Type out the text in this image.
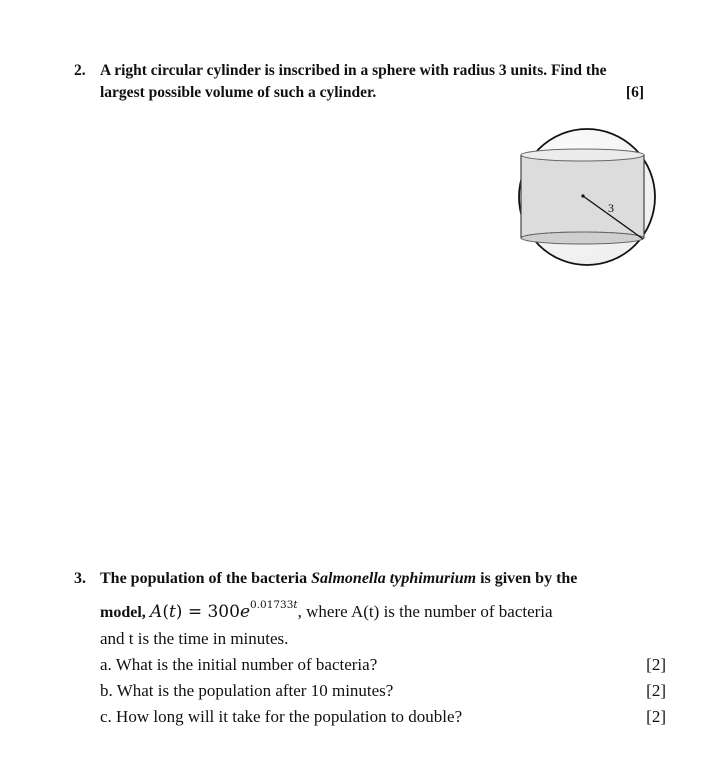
2. A right circular cylinder is inscribed in a sphere with radius 3 units. Find the
largest possible volume of such a cylinder.	[6]
3
3. The population of the bacteria Salmonella typhimurium is given by the
model, $A(t) = 300e^{0.01733t}$, where A(t) is the number of bacteria
and t is the time in minutes.
a. What is the initial number of bacteria?	[2]
b. What is the population after 10 minutes?	[2]
c. How long will it take for the population to double?	[2]
